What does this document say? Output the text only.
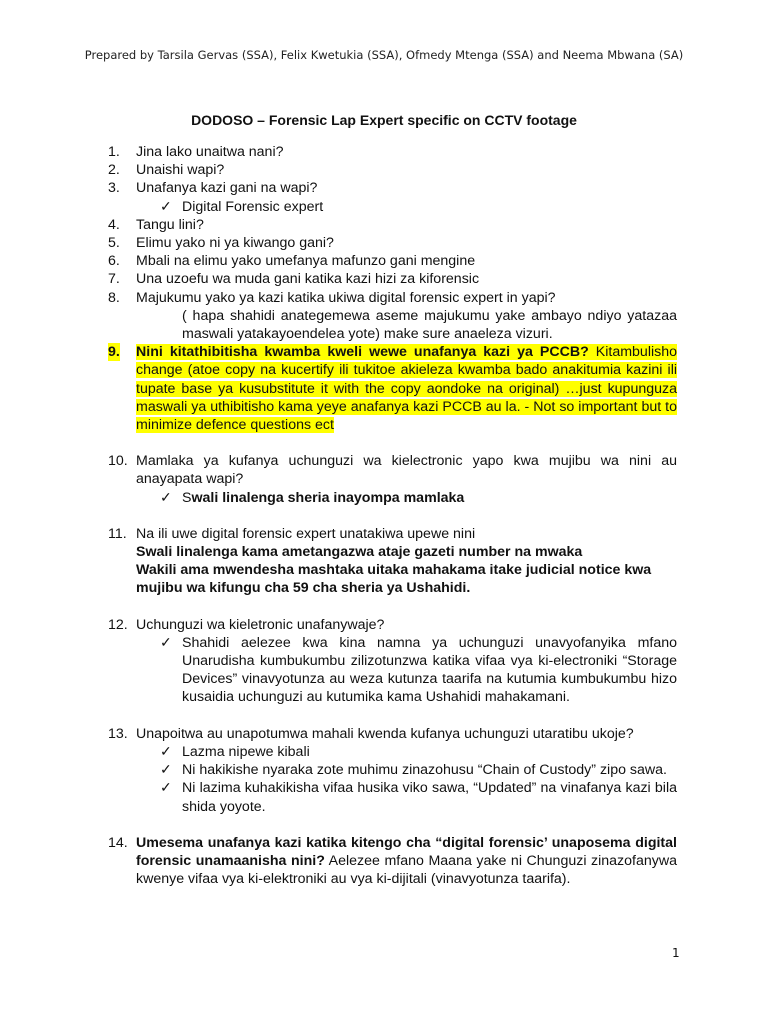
Prepared by Tarsila Gervas (SSA), Felix Kwetukia (SSA), Ofmedy Mtenga (SSA) and Neema Mbwana (SA)
DODOSO – Forensic Lap Expert specific on CCTV footage
1. Jina lako unaitwa nani?
2. Unaishi wapi?
3. Unafanya kazi gani na wapi?
✓ Digital Forensic expert
4. Tangu lini?
5. Elimu yako ni ya kiwango gani?
6. Mbali na elimu yako umefanya mafunzo gani mengine
7. Una uzoefu wa muda gani katika kazi hizi za kiforensic
8. Majukumu yako ya kazi katika ukiwa digital forensic expert in yapi?
( hapa shahidi anategemewa aseme majukumu yake ambayo ndiyo yatazaa maswali yatakayoendelea yote) make sure anaeleza vizuri.
9. Nini kitathibitisha kwamba kweli wewe unafanya kazi ya PCCB? Kitambulisho change (atoe copy na kucertify ili tukitoe akieleza kwamba bado anakitumia kazini ili tupate base ya kusubstitute it with the copy aondoke na original) …just kupunguza maswali ya uthibitisho kama yeye anafanya kazi PCCB au la. - Not so important but to minimize defence questions ect
10. Mamlaka ya kufanya uchunguzi wa kielectronic yapo kwa mujibu wa nini au anayapata wapi?
✓ Swali linalenga sheria inayompa mamlaka
11. Na ili uwe digital forensic expert unatakiwa upewe nini
Swali linalenga kama ametangazwa ataje gazeti number na mwaka
Wakili ama mwendesha mashtaka uitaka mahakama itake judicial notice kwa mujibu wa kifungu cha 59 cha sheria ya Ushahidi.
12. Uchunguzi wa kieletronic unafanywaje?
✓ Shahidi aelezee kwa kina namna ya uchunguzi unavyofanyika mfano Unarudisha kumbukumbu zilizotunzwa katika vifaa vya ki-electroniki “Storage Devices” vinavyotunza au weza kutunza taarifa na kutumia kumbukumbu hizo kusaidia uchunguzi au kutumika kama Ushahidi mahakamani.
13. Unapoitwa au unapotumwa mahali kwenda kufanya uchunguzi utaratibu ukoje?
✓ Lazma nipewe kibali
✓ Ni hakikishe nyaraka zote muhimu zinazohusu “Chain of Custody” zipo sawa.
✓ Ni lazima kuhakikisha vifaa husika viko sawa, “Updated” na vinafanya kazi bila shida yoyote.
14. Umesema unafanya kazi katika kitengo cha “digital forensic’ unaposema digital forensic unamaanisha nini? Aelezee mfano Maana yake ni Chunguzi zinazofanywa kwenye vifaa vya ki-elektroniki au vya ki-dijitali (vinavyotunza taarifa).
1
